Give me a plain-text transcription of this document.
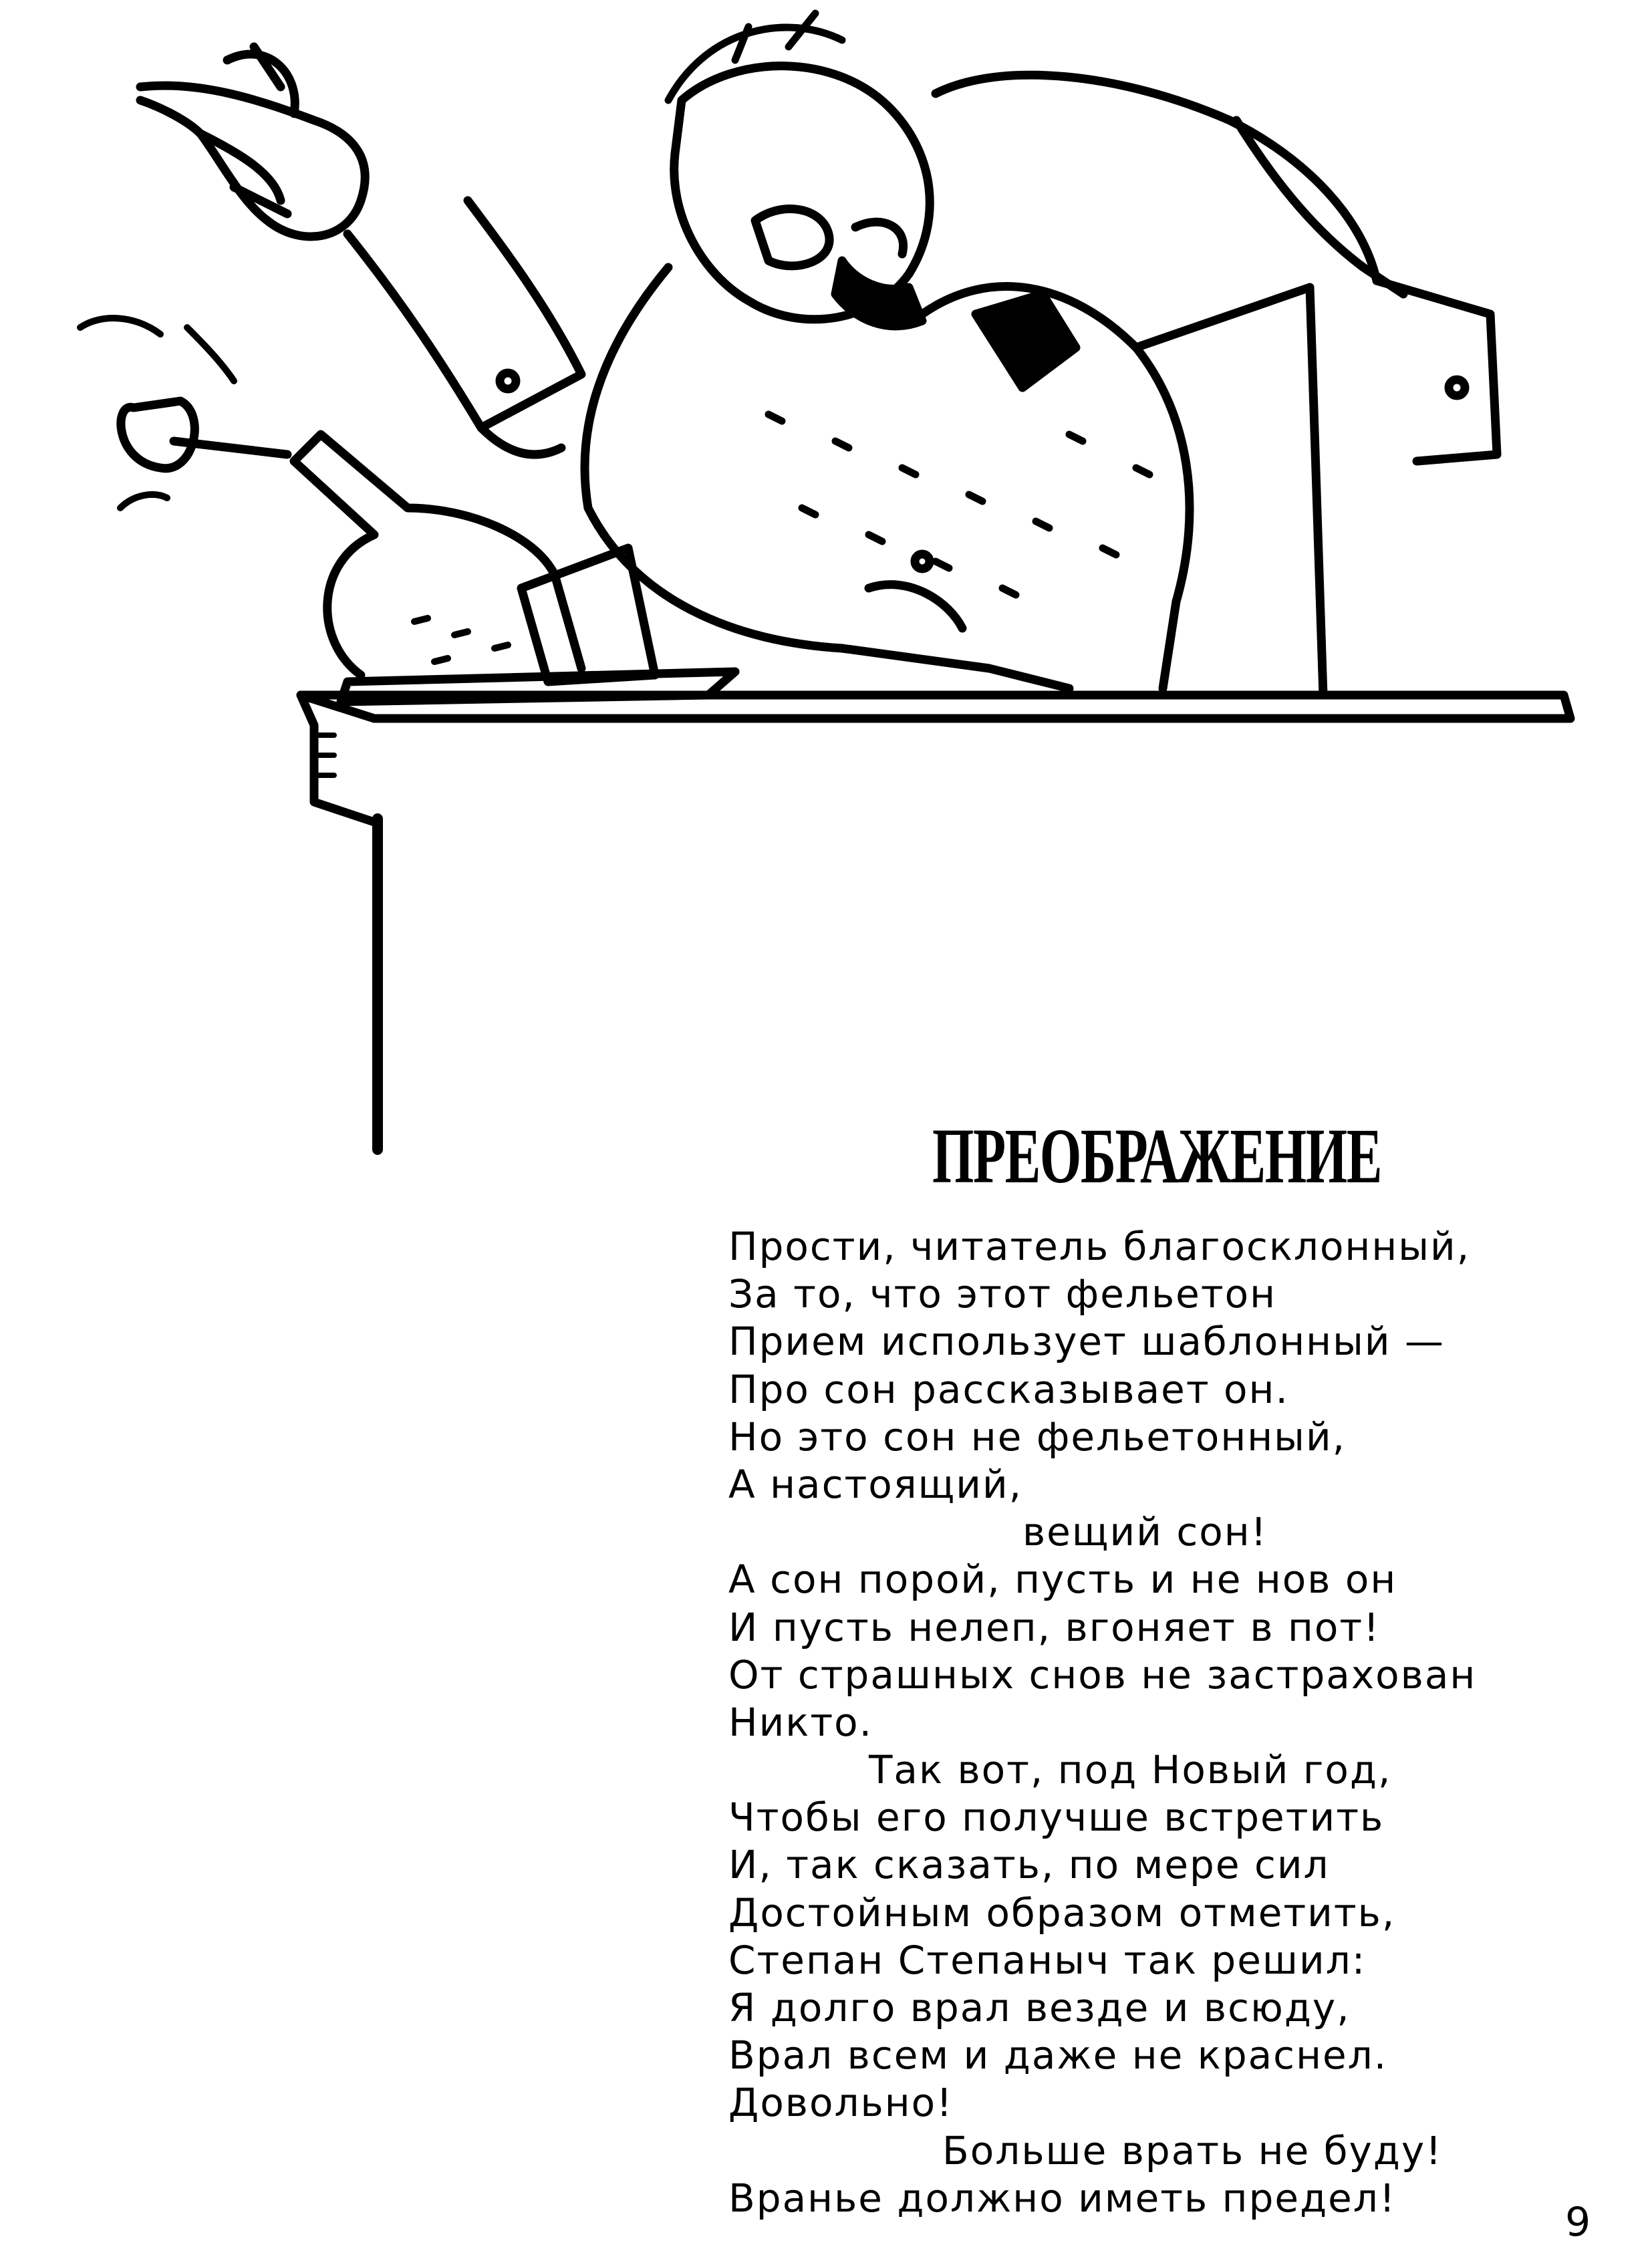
ПРЕОБРАЖЕНИЕ
Прости, читатель благосклонный,
За то, что этот фельетон
Прием использует шаблонный —
Про сон рассказывает он.
Но это сон не фельетонный,
А настоящий,
вещий сон!
А сон порой, пусть и не нов он
И пусть нелеп, вгоняет в пот!
От страшных снов не застрахован
Никто.
Так вот, под Новый год,
Чтобы его получше встретить
И, так сказать, по мере сил
Достойным образом отметить,
Степан Степаныч так решил:
Я долго врал везде и всюду,
Врал всем и даже не краснел.
Довольно!
Больше врать не буду!
Вранье должно иметь предел!
9
